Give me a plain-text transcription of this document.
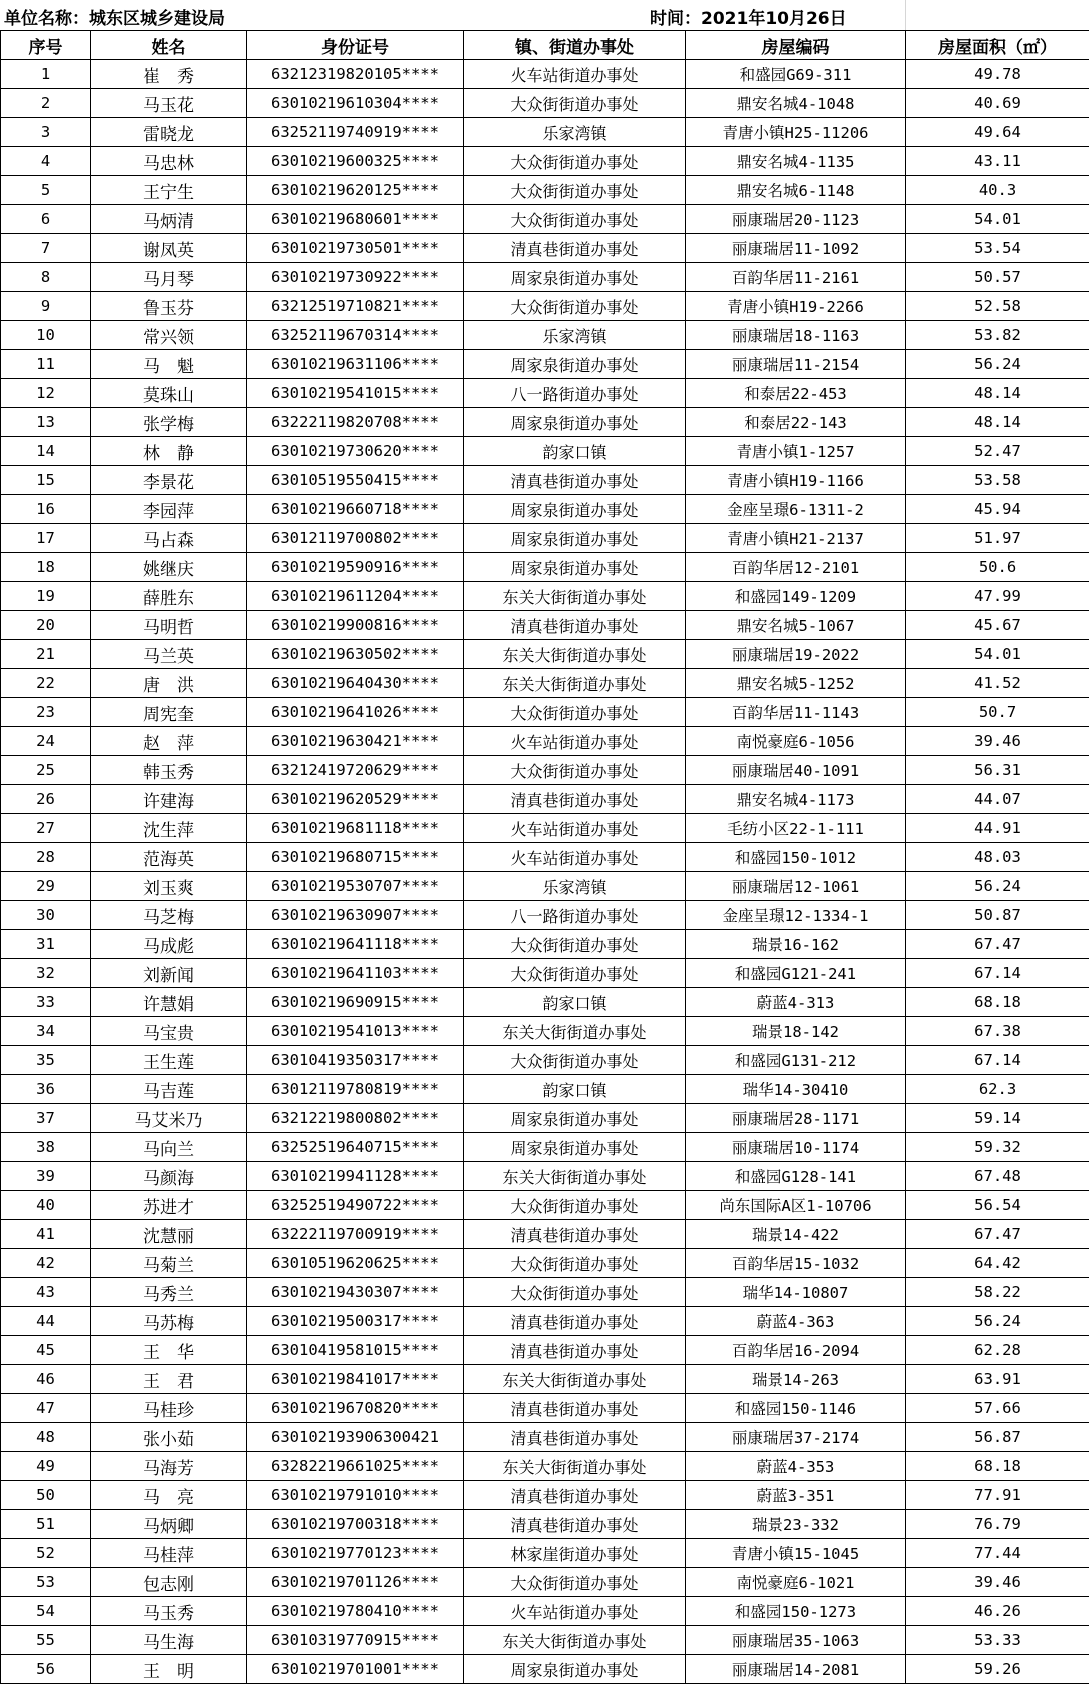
单位名称：城东区城乡建设局	时间：2021年10月26日
序号	姓名	身份证号	镇、街道办事处	房屋编码	房屋面积（㎡）
1	崔　秀	63212319820105****	火车站街道办事处	和盛园G69-311	49.78
2	马玉花	63010219610304****	大众街街道办事处	鼎安名城4-1048	40.69
3	雷晓龙	63252119740919****	乐家湾镇	青唐小镇H25-11206	49.64
4	马忠林	63010219600325****	大众街街道办事处	鼎安名城4-1135	43.11
5	王宁生	63010219620125****	大众街街道办事处	鼎安名城6-1148	40.3
6	马炳清	63010219680601****	大众街街道办事处	丽康瑞居20-1123	54.01
7	谢凤英	63010219730501****	清真巷街道办事处	丽康瑞居11-1092	53.54
8	马月琴	63010219730922****	周家泉街道办事处	百韵华居11-2161	50.57
9	鲁玉芬	63212519710821****	大众街街道办事处	青唐小镇H19-2266	52.58
10	常兴领	63252119670314****	乐家湾镇	丽康瑞居18-1163	53.82
11	马　魁	63010219631106****	周家泉街道办事处	丽康瑞居11-2154	56.24
12	莫珠山	63010219541015****	八一路街道办事处	和泰居22-453	48.14
13	张学梅	63222119820708****	周家泉街道办事处	和泰居22-143	48.14
14	林　静	63010219730620****	韵家口镇	青唐小镇1-1257	52.47
15	李景花	63010519550415****	清真巷街道办事处	青唐小镇H19-1166	53.58
16	李园萍	63010219660718****	周家泉街道办事处	金座呈璟6-1311-2	45.94
17	马占森	63012119700802****	周家泉街道办事处	青唐小镇H21-2137	51.97
18	姚继庆	63010219590916****	周家泉街道办事处	百韵华居12-2101	50.6
19	薛胜东	63010219611204****	东关大街街道办事处	和盛园149-1209	47.99
20	马明哲	63010219900816****	清真巷街道办事处	鼎安名城5-1067	45.67
21	马兰英	63010219630502****	东关大街街道办事处	丽康瑞居19-2022	54.01
22	唐　洪	63010219640430****	东关大街街道办事处	鼎安名城5-1252	41.52
23	周宪奎	63010219641026****	大众街街道办事处	百韵华居11-1143	50.7
24	赵　萍	63010219630421****	火车站街道办事处	南悦豪庭6-1056	39.46
25	韩玉秀	63212419720629****	大众街街道办事处	丽康瑞居40-1091	56.31
26	许建海	63010219620529****	清真巷街道办事处	鼎安名城4-1173	44.07
27	沈生萍	63010219681118****	火车站街道办事处	毛纺小区22-1-111	44.91
28	范海英	63010219680715****	火车站街道办事处	和盛园150-1012	48.03
29	刘玉爽	63010219530707****	乐家湾镇	丽康瑞居12-1061	56.24
30	马芝梅	63010219630907****	八一路街道办事处	金座呈璟12-1334-1	50.87
31	马成彪	63010219641118****	大众街街道办事处	瑞景16-162	67.47
32	刘新闻	63010219641103****	大众街街道办事处	和盛园G121-241	67.14
33	许慧娟	63010219690915****	韵家口镇	蔚蓝4-313	68.18
34	马宝贵	63010219541013****	东关大街街道办事处	瑞景18-142	67.38
35	王生莲	63010419350317****	大众街街道办事处	和盛园G131-212	67.14
36	马吉莲	63012119780819****	韵家口镇	瑞华14-30410	62.3
37	马艾米乃	63212219800802****	周家泉街道办事处	丽康瑞居28-1171	59.14
38	马向兰	63252519640715****	周家泉街道办事处	丽康瑞居10-1174	59.32
39	马颜海	63010219941128****	东关大街街道办事处	和盛园G128-141	67.48
40	苏进才	63252519490722****	大众街街道办事处	尚东国际A区1-10706	56.54
41	沈慧丽	63222119700919****	清真巷街道办事处	瑞景14-422	67.47
42	马菊兰	63010519620625****	大众街街道办事处	百韵华居15-1032	64.42
43	马秀兰	63010219430307****	大众街街道办事处	瑞华14-10807	58.22
44	马苏梅	63010219500317****	清真巷街道办事处	蔚蓝4-363	56.24
45	王　华	63010419581015****	清真巷街道办事处	百韵华居16-2094	62.28
46	王　君	63010219841017****	东关大街街道办事处	瑞景14-263	63.91
47	马桂珍	63010219670820****	清真巷街道办事处	和盛园150-1146	57.66
48	张小茹	630102193906300421	清真巷街道办事处	丽康瑞居37-2174	56.87
49	马海芳	63282219661025****	东关大街街道办事处	蔚蓝4-353	68.18
50	马　亮	63010219791010****	清真巷街道办事处	蔚蓝3-351	77.91
51	马炳卿	63010219700318****	清真巷街道办事处	瑞景23-332	76.79
52	马桂萍	63010219770123****	林家崖街道办事处	青唐小镇15-1045	77.44
53	包志刚	63010219701126****	大众街街道办事处	南悦豪庭6-1021	39.46
54	马玉秀	63010219780410****	火车站街道办事处	和盛园150-1273	46.26
55	马生海	63010319770915****	东关大街街道办事处	丽康瑞居35-1063	53.33
56	王　明	63010219701001****	周家泉街道办事处	丽康瑞居14-2081	59.26
